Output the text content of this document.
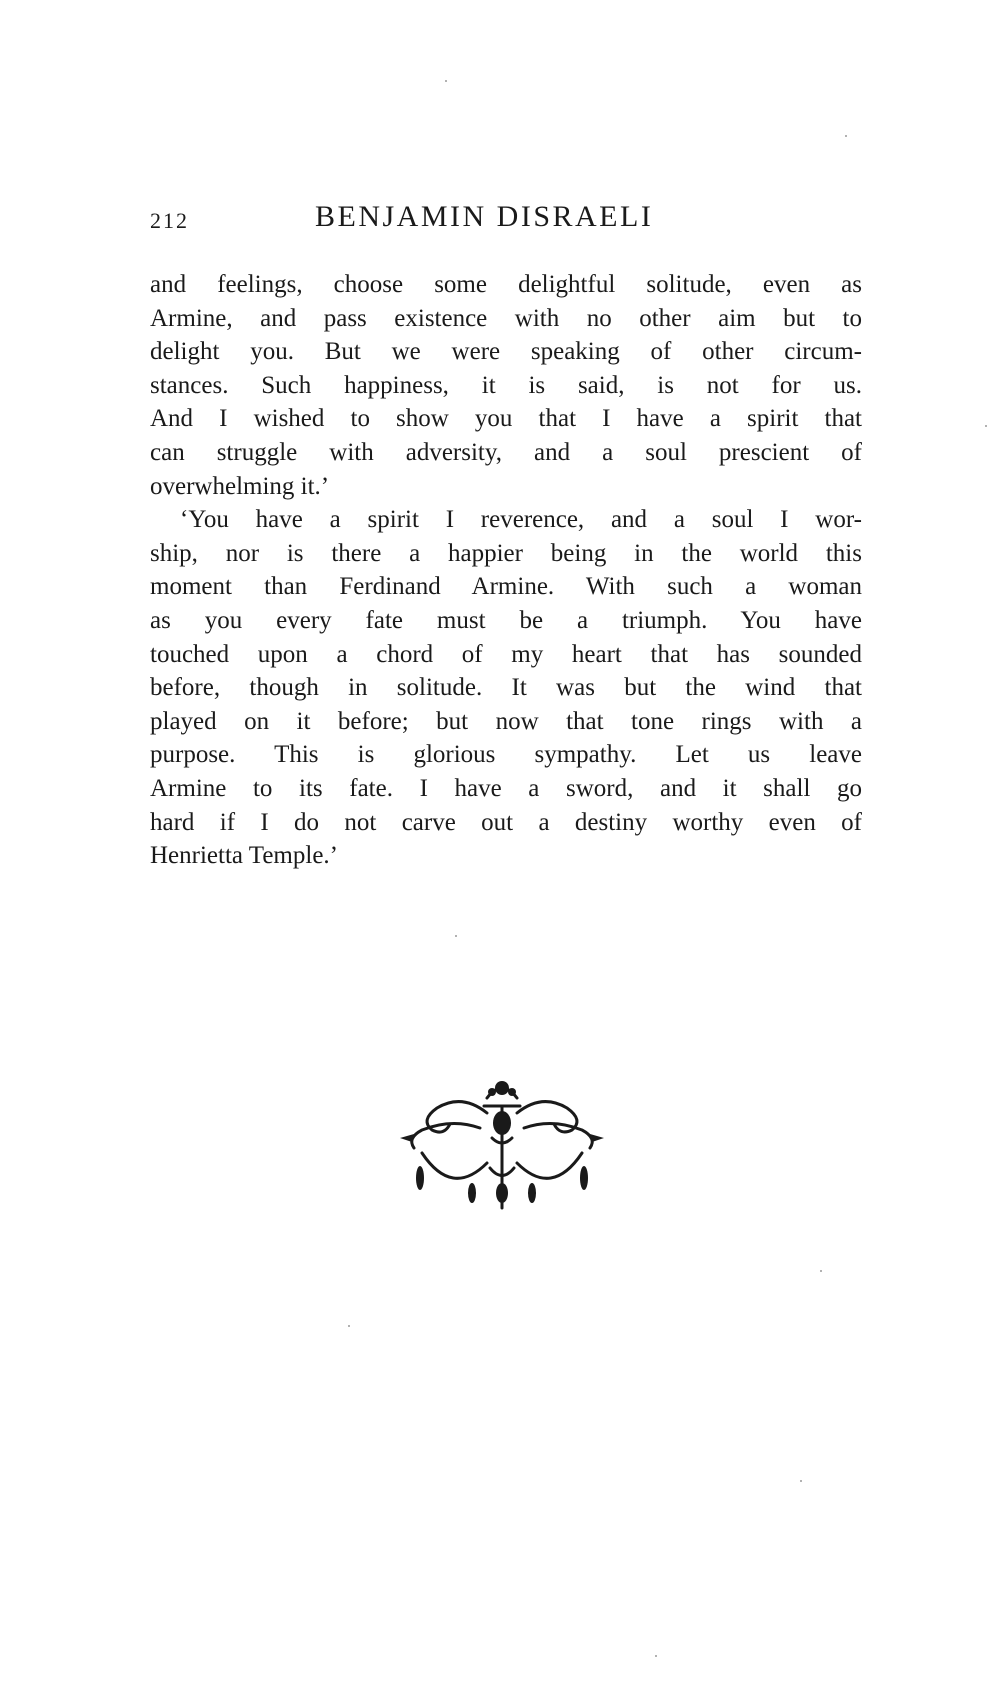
212	BENJAMIN DISRAELI

and feelings, choose some delightful solitude, even as
Armine, and pass existence with no other aim but to
delight you. But we were speaking of other circum-
stances. Such happiness, it is said, is not for us.
And I wished to show you that I have a spirit that
can struggle with adversity, and a soul prescient of
overwhelming it.’

‘You have a spirit I reverence, and a soul I wor-
ship, nor is there a happier being in the world this
moment than Ferdinand Armine. With such a woman
as you every fate must be a triumph. You have
touched upon a chord of my heart that has sounded
before, though in solitude. It was but the wind that
played on it before; but now that tone rings with a
purpose. This is glorious sympathy. Let us leave
Armine to its fate. I have a sword, and it shall go
hard if I do not carve out a destiny worthy even of
Henrietta Temple.’
